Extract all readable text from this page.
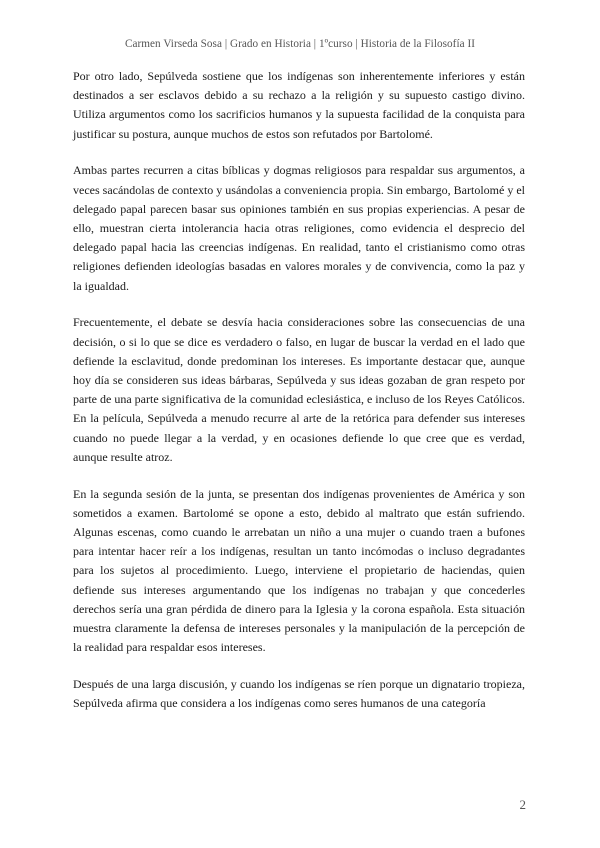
Carmen Virseda Sosa | Grado en Historia | 1ºcurso | Historia de la Filosofía II

Por otro lado, Sepúlveda sostiene que los indígenas son inherentemente inferiores y están destinados a ser esclavos debido a su rechazo a la religión y su supuesto castigo divino. Utiliza argumentos como los sacrificios humanos y la supuesta facilidad de la conquista para justificar su postura, aunque muchos de estos son refutados por Bartolomé.

Ambas partes recurren a citas bíblicas y dogmas religiosos para respaldar sus argumentos, a veces sacándolas de contexto y usándolas a conveniencia propia. Sin embargo, Bartolomé y el delegado papal parecen basar sus opiniones también en sus propias experiencias. A pesar de ello, muestran cierta intolerancia hacia otras religiones, como evidencia el desprecio del delegado papal hacia las creencias indígenas. En realidad, tanto el cristianismo como otras religiones defienden ideologías basadas en valores morales y de convivencia, como la paz y la igualdad.

Frecuentemente, el debate se desvía hacia consideraciones sobre las consecuencias de una decisión, o si lo que se dice es verdadero o falso, en lugar de buscar la verdad en el lado que defiende la esclavitud, donde predominan los intereses. Es importante destacar que, aunque hoy día se consideren sus ideas bárbaras, Sepúlveda y sus ideas gozaban de gran respeto por parte de una parte significativa de la comunidad eclesiástica, e incluso de los Reyes Católicos. En la película, Sepúlveda a menudo recurre al arte de la retórica para defender sus intereses cuando no puede llegar a la verdad, y en ocasiones defiende lo que cree que es verdad, aunque resulte atroz.

En la segunda sesión de la junta, se presentan dos indígenas provenientes de América y son sometidos a examen. Bartolomé se opone a esto, debido al maltrato que están sufriendo. Algunas escenas, como cuando le arrebatan un niño a una mujer o cuando traen a bufones para intentar hacer reír a los indígenas, resultan un tanto incómodas o incluso degradantes para los sujetos al procedimiento. Luego, interviene el propietario de haciendas, quien defiende sus intereses argumentando que los indígenas no trabajan y que concederles derechos sería una gran pérdida de dinero para la Iglesia y la corona española. Esta situación muestra claramente la defensa de intereses personales y la manipulación de la percepción de la realidad para respaldar esos intereses.

Después de una larga discusión, y cuando los indígenas se ríen porque un dignatario tropieza, Sepúlveda afirma que considera a los indígenas como seres humanos de una categoría

2
